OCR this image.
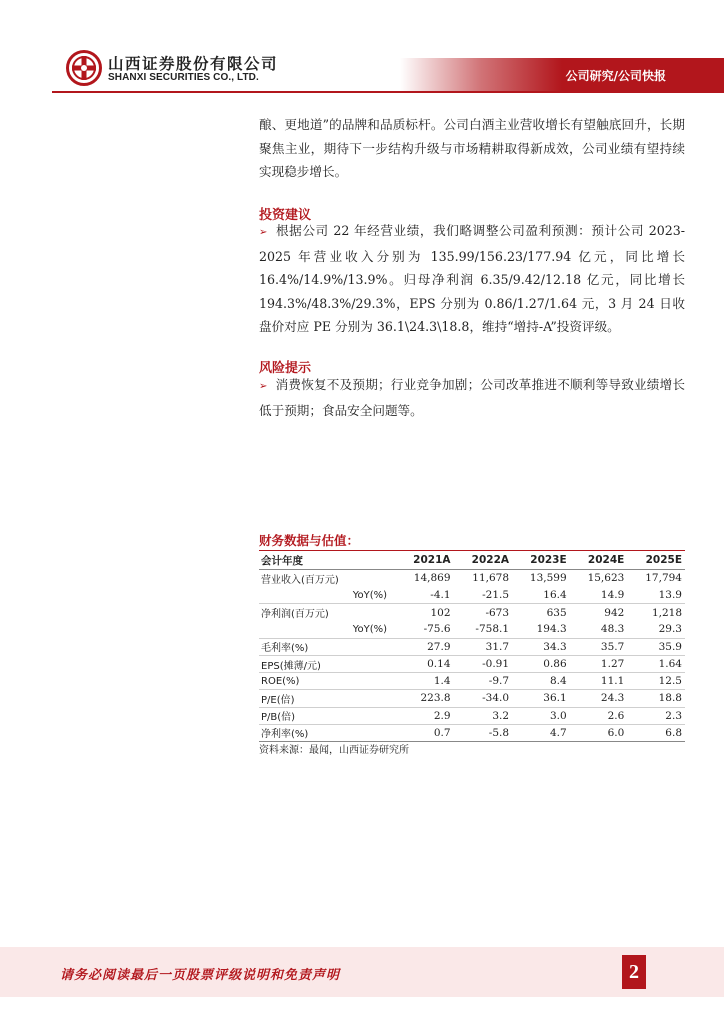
山西证券股份有限公司
SHANXI SECURITIES CO., LTD.	公司研究/公司快报
酿、更地道”的品牌和品质标杆。公司白酒主业营收增长有望触底回升，长期聚焦主业，期待下一步结构升级与市场精耕取得新成效，公司业绩有望持续实现稳步增长。
投资建议
➢ 根据公司 22 年经营业绩，我们略调整公司盈利预测：预计公司 2023-2025 年营业收入分别为 135.99/156.23/177.94 亿元，同比增长 16.4%/14.9%/13.9%。归母净利润 6.35/9.42/12.18 亿元，同比增长 194.3%/48.3%/29.3%，EPS 分别为 0.86/1.27/1.64 元，3 月 24 日收盘价对应 PE 分别为 36.1\24.3\18.8，维持“增持-A”投资评级。
风险提示
➢ 消费恢复不及预期；行业竞争加剧；公司改革推进不顺利等导致业绩增长低于预期；食品安全问题等。
财务数据与估值：
会计年度	2021A	2022A	2023E	2024E	2025E
营业收入(百万元)	14,869	11,678	13,599	15,623	17,794
YoY(%)	-4.1	-21.5	16.4	14.9	13.9
净利润(百万元)	102	-673	635	942	1,218
YoY(%)	-75.6	-758.1	194.3	48.3	29.3
毛利率(%)	27.9	31.7	34.3	35.7	35.9
EPS(摊薄/元)	0.14	-0.91	0.86	1.27	1.64
ROE(%)	1.4	-9.7	8.4	11.1	12.5
P/E(倍)	223.8	-34.0	36.1	24.3	18.8
P/B(倍)	2.9	3.2	3.0	2.6	2.3
净利率(%)	0.7	-5.8	4.7	6.0	6.8
资料来源：最闻，山西证券研究所
请务必阅读最后一页股票评级说明和免责声明	2
